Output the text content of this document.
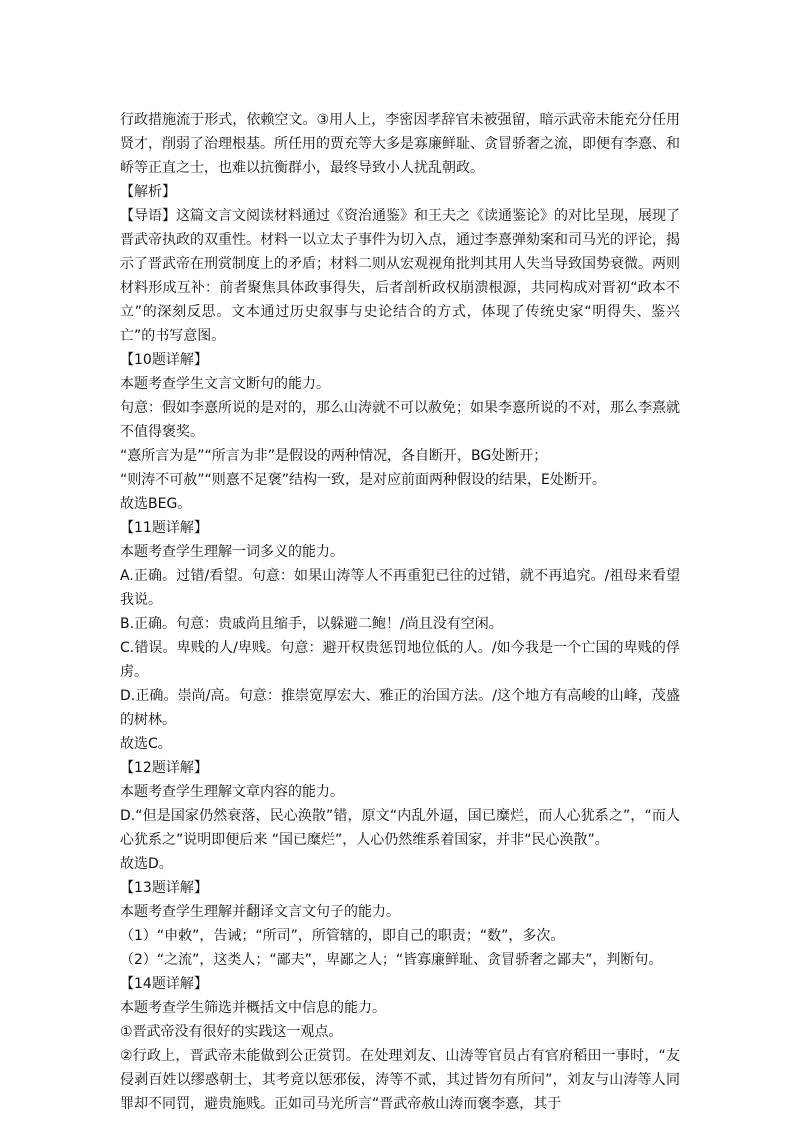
行政措施流于形式，依赖空文。③用人上，李密因孝辞官未被强留，暗示武帝未能充分任用贤才，削弱了治理根基。所任用的贾充等大多是寡廉鲜耻、贪冒骄奢之流，即便有李憙、和峤等正直之士，也难以抗衡群小，最终导致小人扰乱朝政。

【解析】

【导语】这篇文言文阅读材料通过《资治通鉴》和王夫之《读通鉴论》的对比呈现，展现了晋武帝执政的双重性。材料一以立太子事件为切入点，通过李憙弹劾案和司马光的评论，揭示了晋武帝在刑赏制度上的矛盾；材料二则从宏观视角批判其用人失当导致国势衰微。两则材料形成互补：前者聚焦具体政事得失，后者剖析政权崩溃根源，共同构成对晋初“政本不立”的深刻反思。文本通过历史叙事与史论结合的方式，体现了传统史家“明得失、鉴兴亡”的书写意图。

【10题详解】

本题考查学生文言文断句的能力。

句意：假如李憙所说的是对的，那么山涛就不可以赦免；如果李憙所说的不对，那么李熹就不值得褒奖。

“憙所言为是”“所言为非”是假设的两种情况，各自断开，BG处断开；

“则涛不可赦”“则憙不足褒”结构一致，是对应前面两种假设的结果，E处断开。

故选BEG。

【11题详解】

本题考查学生理解一词多义的能力。

A.正确。过错/看望。句意：如果山涛等人不再重犯已往的过错，就不再追究。/祖母来看望我说。

B.正确。句意：贵戚尚且缩手，以躲避二鲍！/尚且没有空闲。

C.错误。卑贱的人/卑贱。句意：避开权贵惩罚地位低的人。/如今我是一个亡国的卑贱的俘虏。

D.正确。崇尚/高。句意：推崇宽厚宏大、雅正的治国方法。/这个地方有高峻的山峰，茂盛的树林。

故选C。

【12题详解】

本题考查学生理解文章内容的能力。

D.“但是国家仍然衰落，民心涣散”错，原文“内乱外逼，国已糜烂，而人心犹系之”，“而人心犹系之”说明即便后来 “国已糜烂”，人心仍然维系着国家，并非“民心涣散”。

故选D。

【13题详解】

本题考查学生理解并翻译文言文句子的能力。

（1）“申敕”，告诫；“所司”，所管辖的，即自己的职责；“数”，多次。

（2）“之流”，这类人；“鄙夫”，卑鄙之人；“皆寡廉鲜耻、贪冒骄奢之鄙夫”，判断句。

【14题详解】

本题考查学生筛选并概括文中信息的能力。

①晋武帝没有很好的实践这一观点。

②行政上，晋武帝未能做到公正赏罚。在处理刘友、山涛等官员占有官府稻田一事时，“友侵剥百姓以缪惑朝士，其考竟以惩邪佞，涛等不贰，其过皆勿有所问”，刘友与山涛等人同罪却不同罚，避贵施贱。正如司马光所言“晋武帝赦山涛而褒李憙，其于
